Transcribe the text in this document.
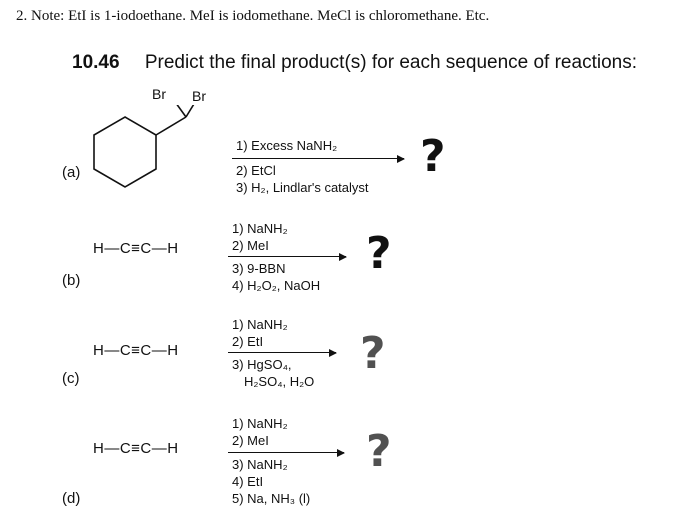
2. Note: EtI is 1-iodoethane. MeI is iodomethane. MeCl is chloromethane. Etc.
10.46 Predict the final product(s) for each sequence of reactions:
(a)
Br Br
1) Excess NaNH₂
2) EtCl
3) H₂, Lindlar's catalyst
?
(b)
H—C≡C—H
1) NaNH₂
2) MeI
3) 9-BBN
4) H₂O₂, NaOH
?
(c)
H—C≡C—H
1) NaNH₂
2) EtI
3) HgSO₄,
H₂SO₄, H₂O
?
(d)
H—C≡C—H
1) NaNH₂
2) MeI
3) NaNH₂
4) EtI
5) Na, NH₃ (l)
?
